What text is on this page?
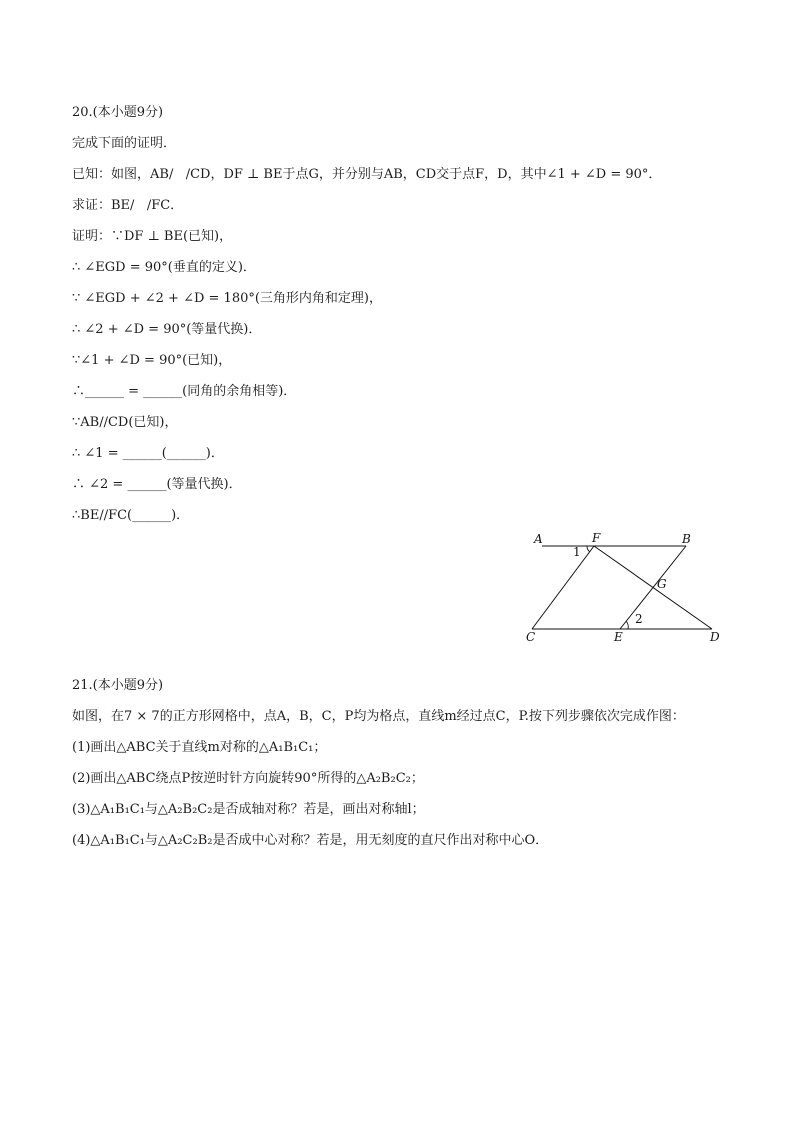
20.(本小题9分)
完成下面的证明．
已知：如图，AB/   /CD，DF ⊥ BE于点G，并分别与AB，CD交于点F，D，其中∠1 + ∠D = 90°．
求证：BE/   /FC．
证明：∵DF ⊥ BE(已知)，
∴ ∠EGD = 90°(垂直的定义)．
∵ ∠EGD + ∠2 + ∠D = 180°(三角形内角和定理)，
∴ ∠2 + ∠D = 90°(等量代换)．
∵∠1 + ∠D = 90°(已知)，
∴______ = ______(同角的余角相等)．
∵AB//CD(已知)，
∴ ∠1 = ______(______)．
∴ ∠2 = ______(等量代换)．
∴BE//FC(______)．
A	F	B
G
C	E	D
1
2
21.(本小题9分)
如图，在7 × 7的正方形网格中，点A，B，C，P均为格点，直线m经过点C，P.按下列步骤依次完成作图：
(1)画出△ABC关于直线m对称的△A₁B₁C₁；
(2)画出△ABC绕点P按逆时针方向旋转90°所得的△A₂B₂C₂；
(3)△A₁B₁C₁与△A₂B₂C₂是否成轴对称？若是，画出对称轴l；
(4)△A₁B₁C₁与△A₂C₂B₂是否成中心对称？若是，用无刻度的直尺作出对称中心O．
